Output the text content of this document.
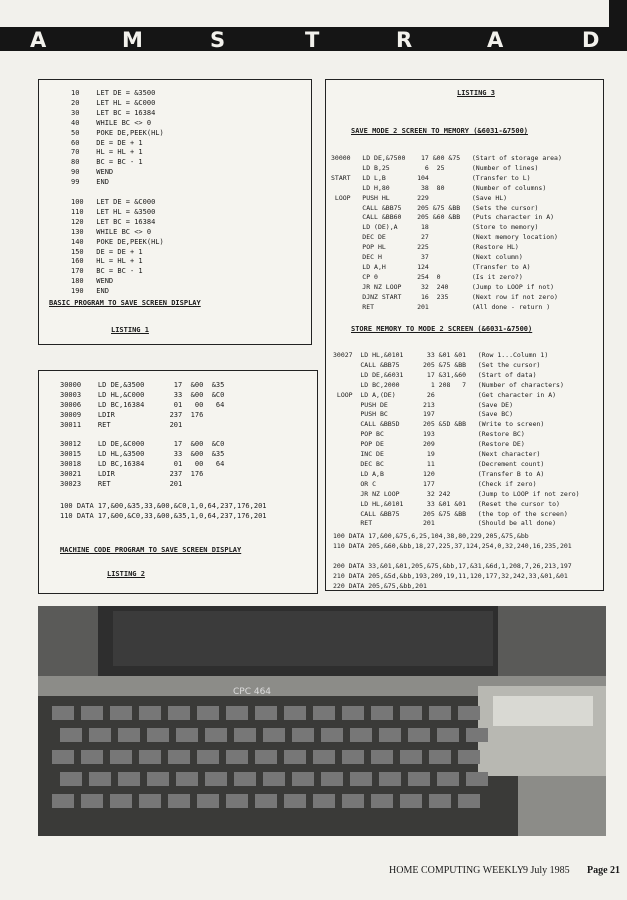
A	M	S	T	R	A	D
10    LET DE = &3500
20    LET HL = &C000
30    LET BC = 16384
40    WHILE BC <> 0
50    POKE DE,PEEK(HL)
60    DE = DE + 1
70    HL = HL + 1
80    BC = BC - 1
90    WEND
99    END

100   LET DE = &C000
110   LET HL = &3500
120   LET BC = 16384
130   WHILE BC <> 0
140   POKE DE,PEEK(HL)
150   DE = DE + 1
160   HL = HL + 1
170   BC = BC - 1
180   WEND
190   END
BASIC PROGRAM TO SAVE SCREEN DISPLAY
LISTING 1
30000    LD DE,&3500       17  &00  &35
30003    LD HL,&C000       33  &00  &C0
30006    LD BC,16384       01   00   64
30009    LDIR             237  176
30011    RET              201

30012    LD DE,&C000       17  &00  &C0
30015    LD HL,&3500       33  &00  &35
30018    LD BC,16384       01   00   64
30021    LDIR             237  176
30023    RET              201
100 DATA 17,&00,&35,33,&00,&C0,1,0,64,237,176,201
110 DATA 17,&00,&C0,33,&00,&35,1,0,64,237,176,201
MACHINE CODE PROGRAM TO SAVE SCREEN DISPLAY
LISTING 2
LISTING 3
SAVE MODE 2 SCREEN TO MEMORY (&6031-&7500)
30000   LD DE,&7500    17 &00 &75   (Start of storage area)
LD B,25         6  25       (Number of lines)
START   LD L,B        104           (Transfer to L)
LD H,80        38  80       (Number of columns)
LOOP   PUSH HL       229           (Save HL)
CALL &BB75    205 &75 &BB   (Sets the cursor)
CALL &BB60    205 &60 &BB   (Puts character in A)
LD (DE),A      18           (Store to memory)
DEC DE         27           (Next memory location)
POP HL        225           (Restore HL)
DEC H          37           (Next column)
LD A,H        124           (Transfer to A)
CP 0          254  0        (Is it zero?)
JR NZ LOOP     32  240      (Jump to LOOP if not)
DJNZ START     16  235      (Next row if not zero)
RET           201           (All done - return )
STORE MEMORY TO MODE 2 SCREEN (&6031-&7500)
30027  LD HL,&0101      33 &01 &01   (Row 1...Column 1)
CALL &BB75      205 &75 &BB   (Set the cursor)
LD DE,&6031      17 &31,&60   (Start of data)
LD BC,2000        1 208   7   (Number of characters)
LOOP  LD A,(DE)        26           (Get character in A)
PUSH DE         213           (Save DE)
PUSH BC         197           (Save BC)
CALL &BB5D      205 &5D &BB   (Write to screen)
POP BC          193           (Restore BC)
POP DE          209           (Restore DE)
INC DE           19           (Next character)
DEC BC           11           (Decrement count)
LD A,B          120           (Transfer B to A)
OR C            177           (Check if zero)
JR NZ LOOP       32 242       (Jump to LOOP if not zero)
LD HL,&0101      33 &01 &01   (Reset the cursor to)
CALL &BB75      205 &75 &BB   (the top of the screen)
RET             201           (Should be all done)
100 DATA 17,&00,&75,6,25,104,38,80,229,205,&75,&bb
110 DATA 205,&60,&bb,18,27,225,37,124,254,0,32,240,16,235,201

200 DATA 33,&01,&01,205,&75,&bb,17,&31,&6d,1,208,7,26,213,197
210 DATA 205,&5d,&bb,193,209,19,11,120,177,32,242,33,&01,&01
220 DATA 205,&75,&bb,201
CPC 464
HOME COMPUTING WEEKLY 9 July 1985 Page 21
